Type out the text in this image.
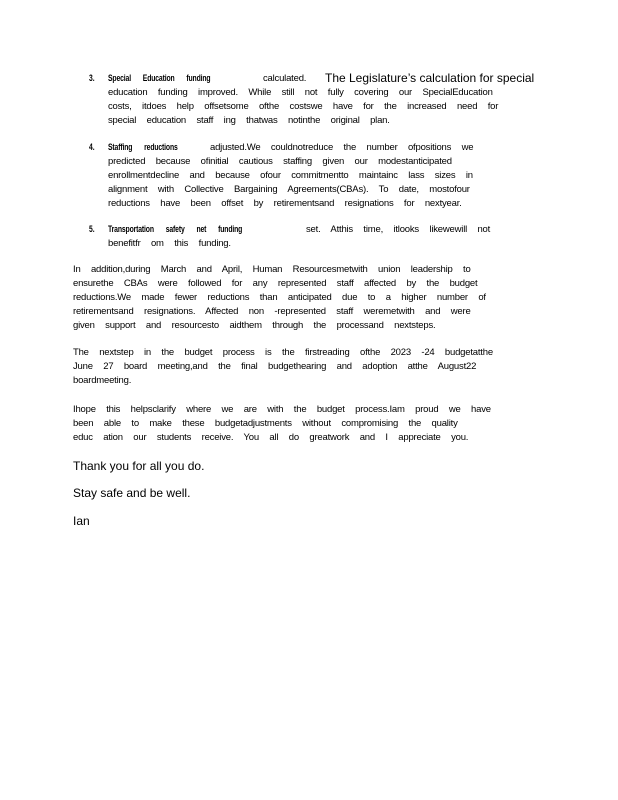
3. Special Education funding	calculated. The Legislature’s calculation for special
education funding improved. While still not fully covering our SpecialEducation
costs, itdoes help offsetsome ofthe costswe have for the increased need for
special education staff ing thatwas notinthe original plan.
4. Staffing reductions	adjusted.We couldnotreduce the number ofpositions we
predicted because ofinitial cautious staffing given our modestanticipated
enrollmentdecline and because ofour commitmentto maintainc lass sizes in
alignment with Collective Bargaining Agreements(CBAs). To date, mostofour
reductions have been offset by retirementsand resignations for nextyear.
5. Transportation safety net funding	set. Atthis time, itlooks likewewill not
benefitfr om this funding.
In addition,during March and April, Human Resourcesmetwith union leadership to
ensurethe CBAs were followed for any represented staff affected by the budget
reductions.We made fewer reductions than anticipated due to a higher number of
retirementsand resignations. Affected non -represented staff weremetwith and were
given support and resourcesto aidthem through the processand nextsteps.
The nextstep in the budget process is the firstreading ofthe 2023 -24 budgetatthe
June 27 board meeting,and the final budgethearing and adoption atthe August22
boardmeeting.
Ihope this helpsclarify where we are with the budget process.Iam proud we have
been able to make these budgetadjustments without compromising the quality
educ ation our students receive. You all do greatwork and I appreciate you.
Thank you for all you do.
Stay safe and be well.
Ian
